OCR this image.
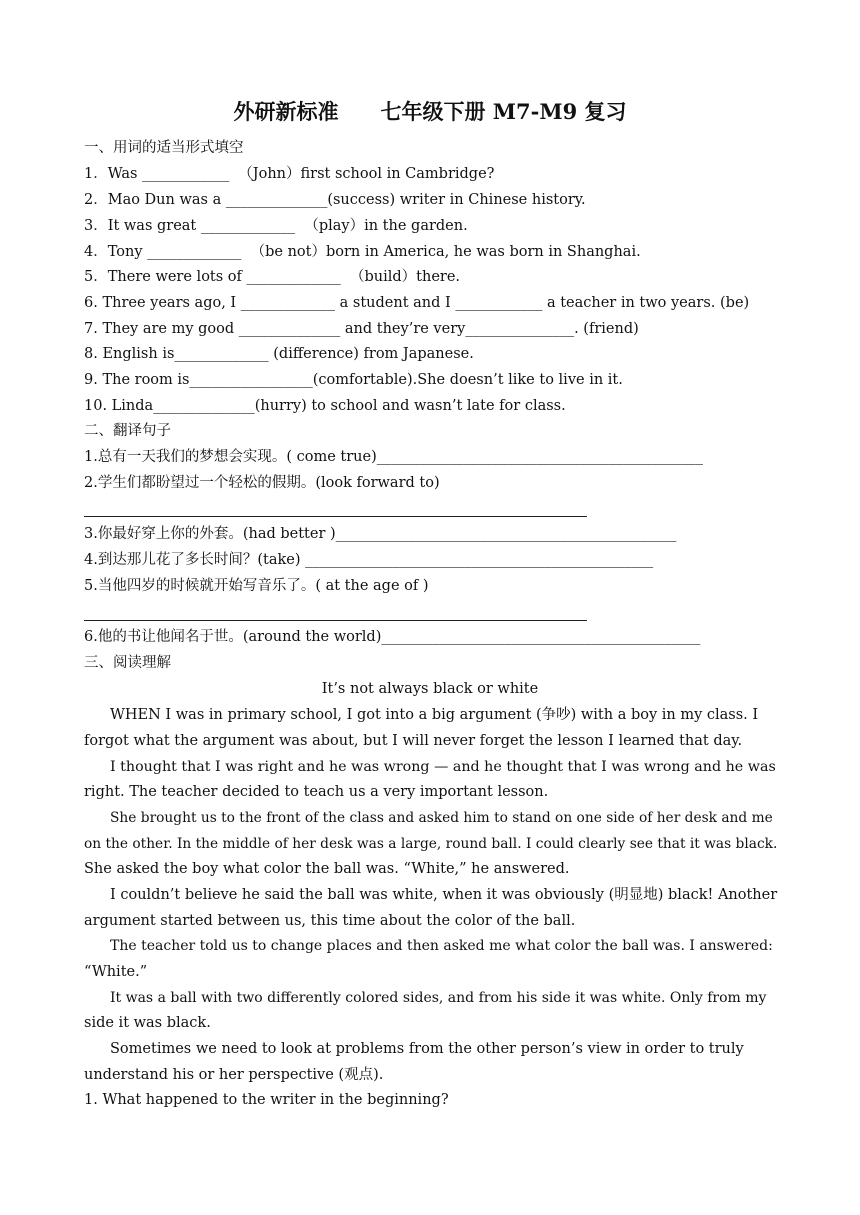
外研新标准　　七年级下册 M7-M9 复习
一、用词的适当形式填空
1．Was ____________  （John）first school in Cambridge?
2．Mao Dun was a ______________(success) writer in Chinese history.
3．It was great _____________  （play）in the garden.
4．Tony _____________  （be not）born in America, he was born in Shanghai.
5．There were lots of _____________  （build）there.
6. Three years ago, I _____________ a student and I ____________ a teacher in two years. (be)
7. They are my good ______________ and they’re very_______________. (friend)
8. English is_____________ (difference) from Japanese.
9. The room is_________________(comfortable).She doesn’t like to live in it.
10. Linda______________(hurry) to school and wasn’t late for class.
二、翻译句子
1.总有一天我们的梦想会实现。( come true)_____________________________________________
2.学生们都盼望过一个轻松的假期。(look forward to)
3.你最好穿上你的外套。(had better )_______________________________________________
4.到达那儿花了多长时间？(take) ________________________________________________
5.当他四岁的时候就开始写音乐了。( at the age of )
6.他的书让他闻名于世。(around the world)____________________________________________
三、阅读理解
It’s not always black or white
WHEN I was in primary school, I got into a big argument (争吵) with a boy in my class. I
forgot what the argument was about, but I will never forget the lesson I learned that day.
I thought that I was right and he was wrong — and he thought that I was wrong and he was
right. The teacher decided to teach us a very important lesson.
She brought us to the front of the class and asked him to stand on one side of her desk and me
on the other. In the middle of her desk was a large, round ball. I could clearly see that it was black.
She asked the boy what color the ball was. “White,” he answered.
I couldn’t believe he said the ball was white, when it was obviously (明显地) black! Another
argument started between us, this time about the color of the ball.
The teacher told us to change places and then asked me what color the ball was. I answered:
“White.”
It was a ball with two differently colored sides, and from his side it was white. Only from my
side it was black.
Sometimes we need to look at problems from the other person’s view in order to truly
understand his or her perspective (观点).
1. What happened to the writer in the beginning?
